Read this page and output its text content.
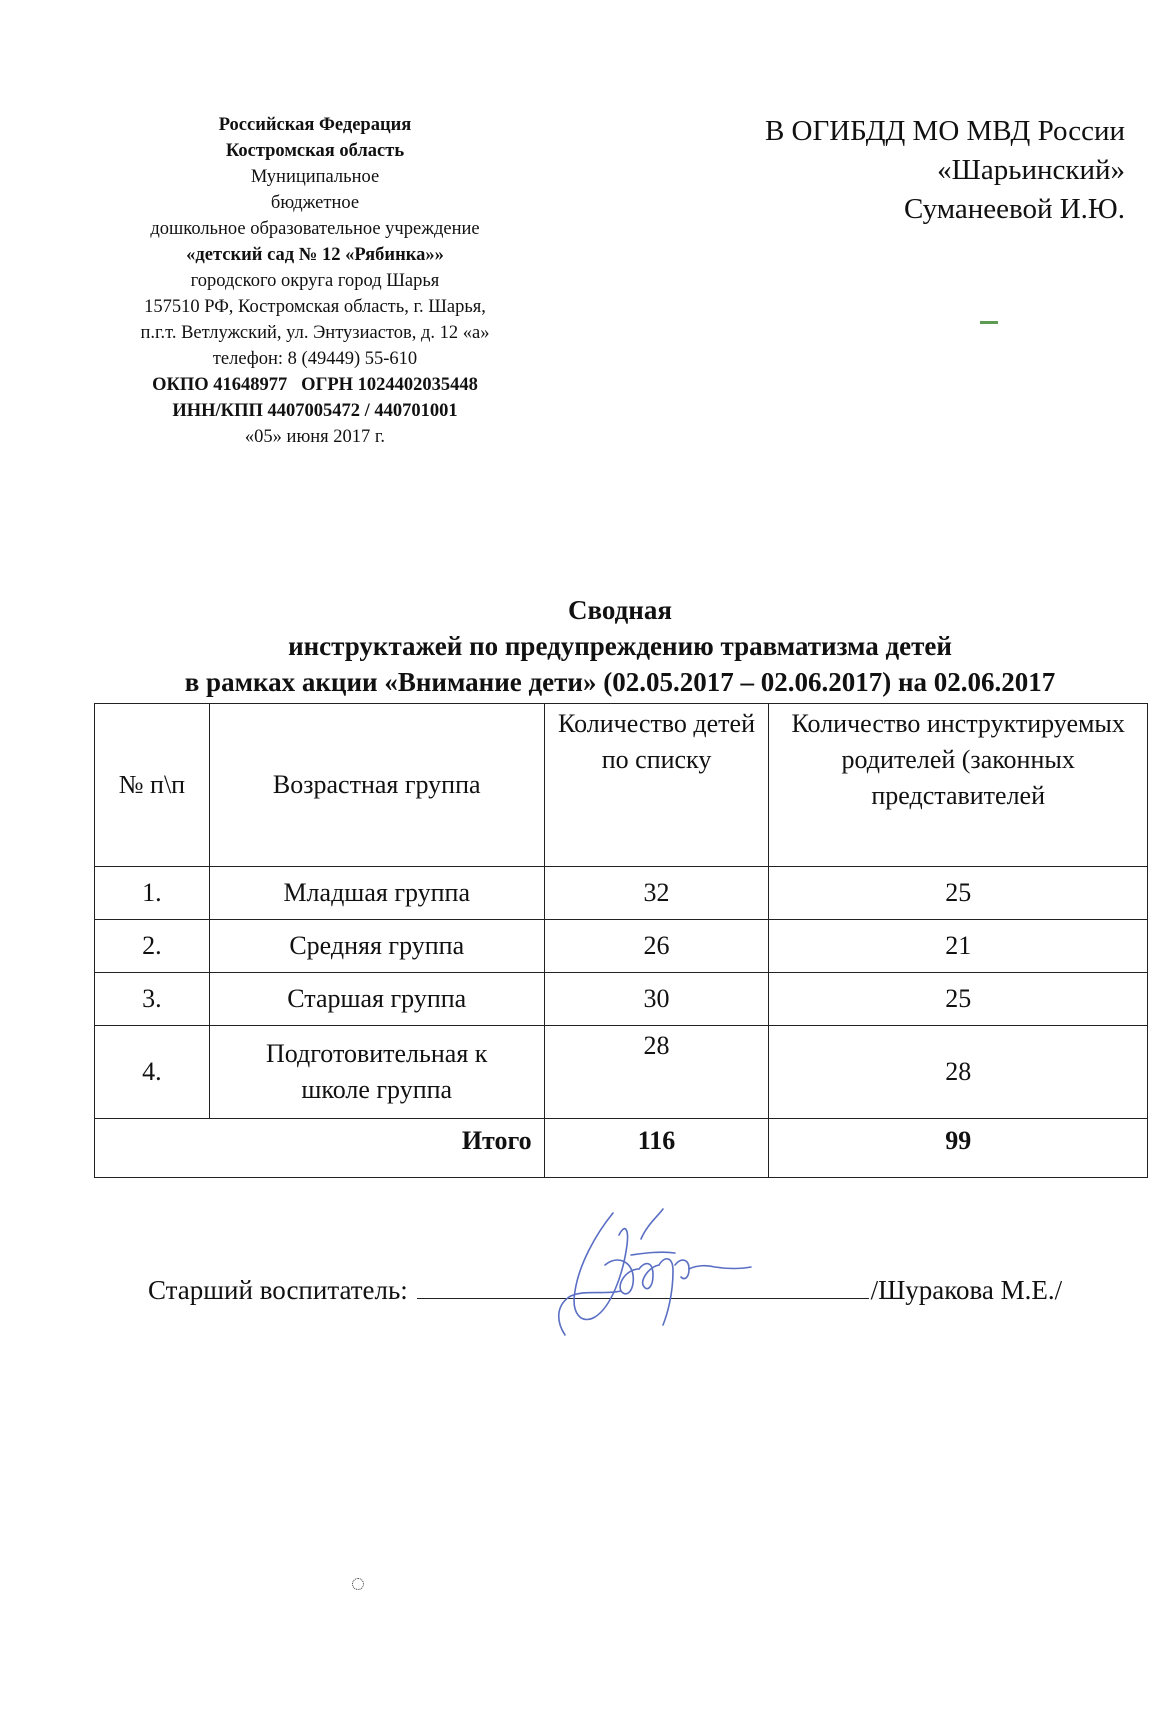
Российская Федерация
Костромская область
Муниципальное
бюджетное
дошкольное образовательное учреждение
«детский сад № 12 «Рябинка»»
городского округа город Шарья
157510 РФ, Костромская область, г. Шарья,
п.г.т. Ветлужский, ул. Энтузиастов, д. 12 «а»
телефон: 8 (49449) 55-610
ОКПО 41648977   ОГРН 1024402035448
ИНН/КПП 4407005472 / 440701001
«05» июня 2017 г.
В ОГИБДД МО МВД России
«Шарьинский»
Суманеевой И.Ю.
Сводная
инструктажей по предупреждению травматизма детей
в рамках акции «Внимание дети» (02.05.2017 – 02.06.2017) на 02.06.2017
№ п\п	Возрастная группа	Количество детей по списку	Количество инструктируемых родителей (законных представителей
1.	Младшая группа	32	25
2.	Средняя группа	26	21
3.	Старшая группа	30	25
4.	Подготовительная к школе группа	28	28
Итого		116	99
Старший воспитатель:	/Шуракова М.Е./
